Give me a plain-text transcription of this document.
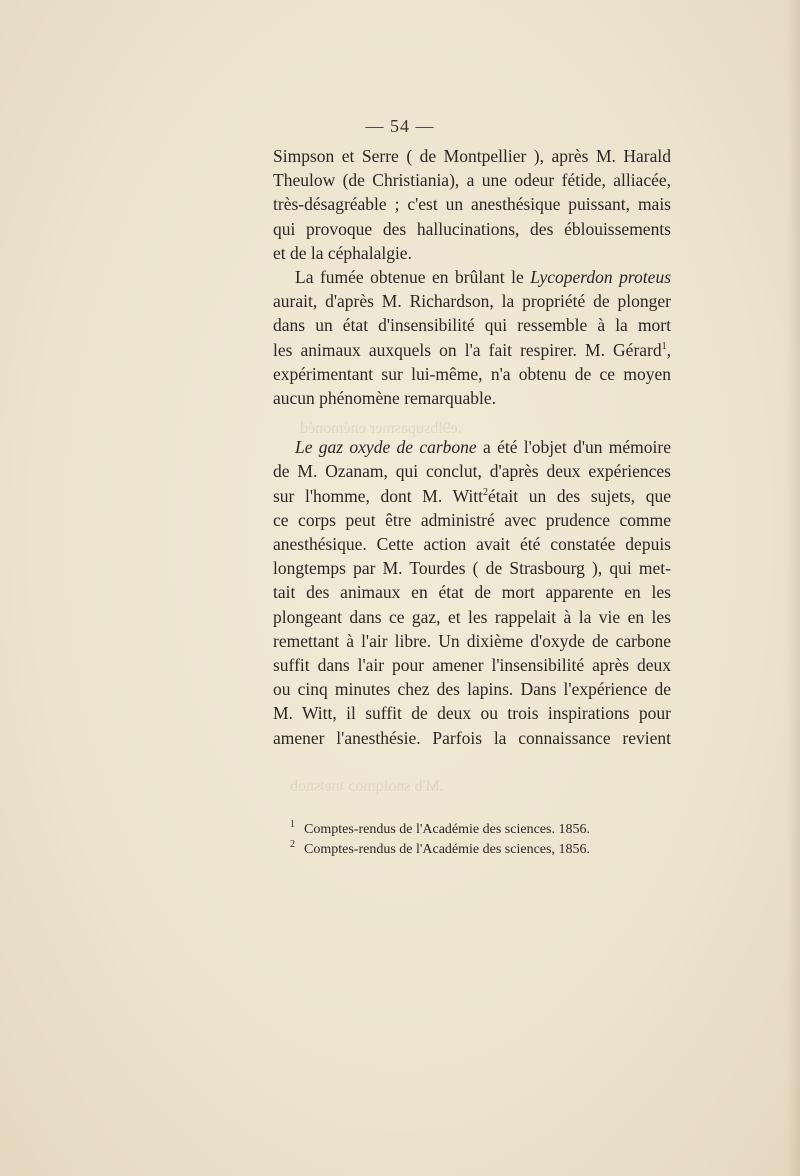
.e9lbsupasmer enémonéd
.M'b snoiqmoɔ ʇnɐʇsnob
— 54 —
Simpson et Serre ( de Montpellier ), après M. Harald
Theulow (de Christiania), a une odeur fétide, alliacée,
très-désagréable ; c'est un anesthésique puissant, mais
qui provoque des hallucinations, des éblouissements
et de la céphalalgie.
La fumée obtenue en brûlant le Lycoperdon proteus
aurait, d'après M. Richardson, la propriété de plonger
dans un état d'insensibilité qui ressemble à la mort
les animaux auxquels on l'a fait respirer. M. Gérard$^1$,
expérimentant sur lui-même, n'a obtenu de ce moyen
aucun phénomène remarquable.
Le gaz oxyde de carbone a été l'objet d'un mémoire
de M. Ozanam, qui conclut, d'après deux expériences
sur l'homme, dont M. Witt$^2$était un des sujets, que
ce corps peut être administré avec prudence comme
anesthésique. Cette action avait été constatée depuis
longtemps par M. Tourdes ( de Strasbourg ), qui met-
tait des animaux en état de mort apparente en les
plongeant dans ce gaz, et les rappelait à la vie en les
remettant à l'air libre. Un dixième d'oxyde de carbone
suffit dans l'air pour amener l'insensibilité après deux
ou cinq minutes chez des lapins. Dans l'expérience de
M. Witt, il suffit de deux ou trois inspirations pour
amener l'anesthésie. Parfois la connaissance revient
1 Comptes-rendus de l'Académie des sciences. 1856.
2 Comptes-rendus de l'Académie des sciences, 1856.
